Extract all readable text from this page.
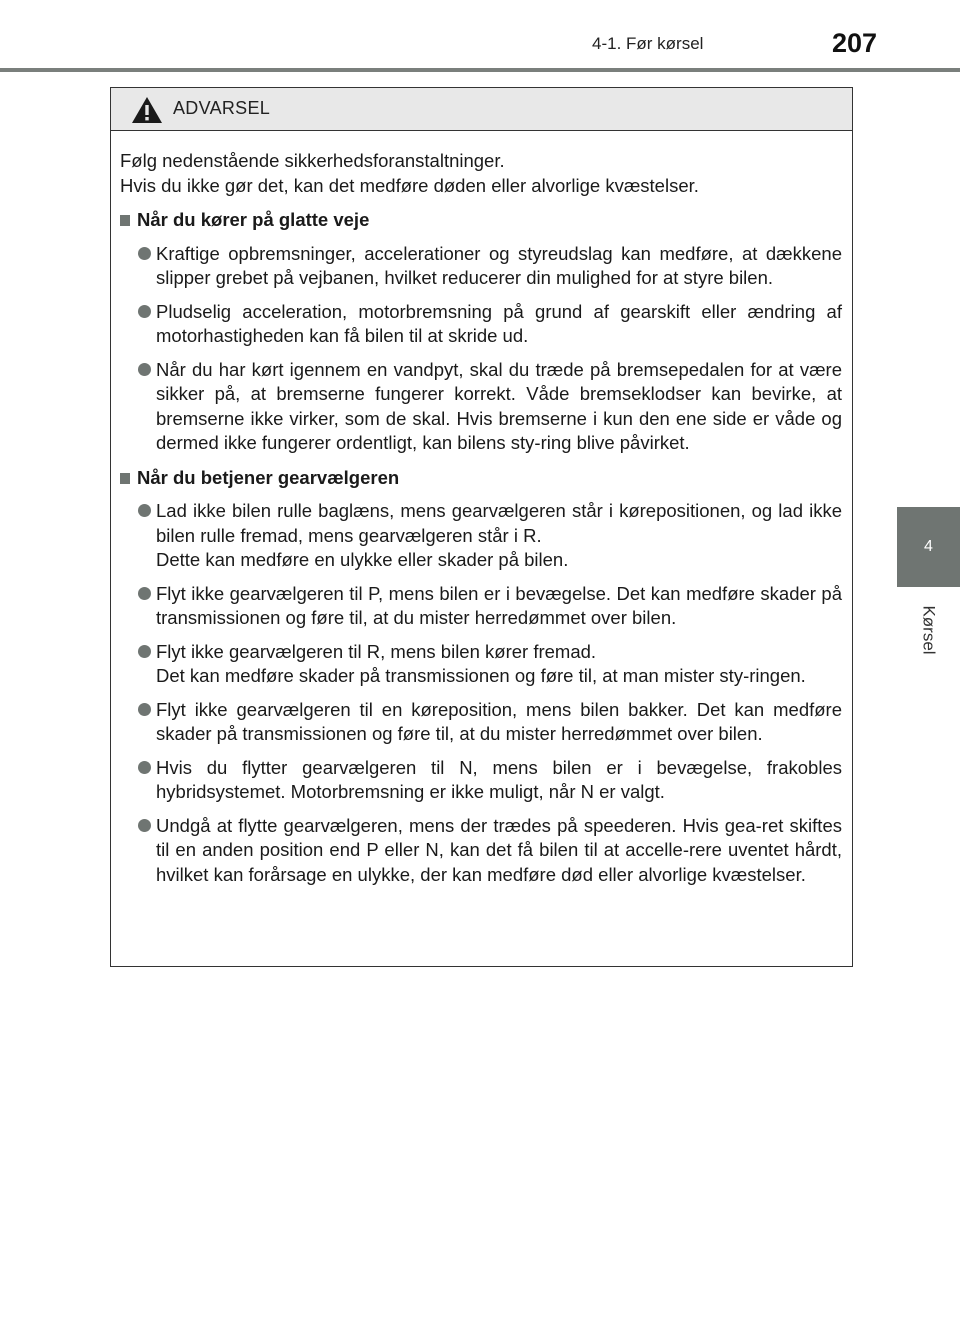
4-1. Før kørsel	207
4
Kørsel
ADVARSEL

Følg nedenstående sikkerhedsforanstaltninger.

Hvis du ikke gør det, kan det medføre døden eller alvorlige kvæstelser.

Når du kører på glatte veje

Kraftige opbremsninger, accelerationer og styreudslag kan medføre, at dækkene slipper grebet på vejbanen, hvilket reducerer din mulighed for at styre bilen.

Pludselig acceleration, motorbremsning på grund af gearskift eller ændring af motorhastigheden kan få bilen til at skride ud.

Når du har kørt igennem en vandpyt, skal du træde på bremsepedalen for at være sikker på, at bremserne fungerer korrekt. Våde bremseklodser kan bevirke, at bremserne ikke virker, som de skal. Hvis bremserne i kun den ene side er våde og dermed ikke fungerer ordentligt, kan bilens sty-ring blive påvirket.

Når du betjener gearvælgeren

Lad ikke bilen rulle baglæns, mens gearvælgeren står i kørepositionen, og lad ikke bilen rulle fremad, mens gearvælgeren står i R.

Dette kan medføre en ulykke eller skader på bilen.

Flyt ikke gearvælgeren til P, mens bilen er i bevægelse. Det kan medføre skader på transmissionen og føre til, at du mister herredømmet over bilen.

Flyt ikke gearvælgeren til R, mens bilen kører fremad.

Det kan medføre skader på transmissionen og føre til, at man mister sty-ringen.

Flyt ikke gearvælgeren til en køreposition, mens bilen bakker. Det kan medføre skader på transmissionen og føre til, at du mister herredømmet over bilen.

Hvis du flytter gearvælgeren til N, mens bilen er i bevægelse, frakobles hybridsystemet. Motorbremsning er ikke muligt, når N er valgt.

Undgå at flytte gearvælgeren, mens der trædes på speederen. Hvis gea-ret skiftes til en anden position end P eller N, kan det få bilen til at accelle-rere uventet hårdt, hvilket kan forårsage en ulykke, der kan medføre død eller alvorlige kvæstelser.
